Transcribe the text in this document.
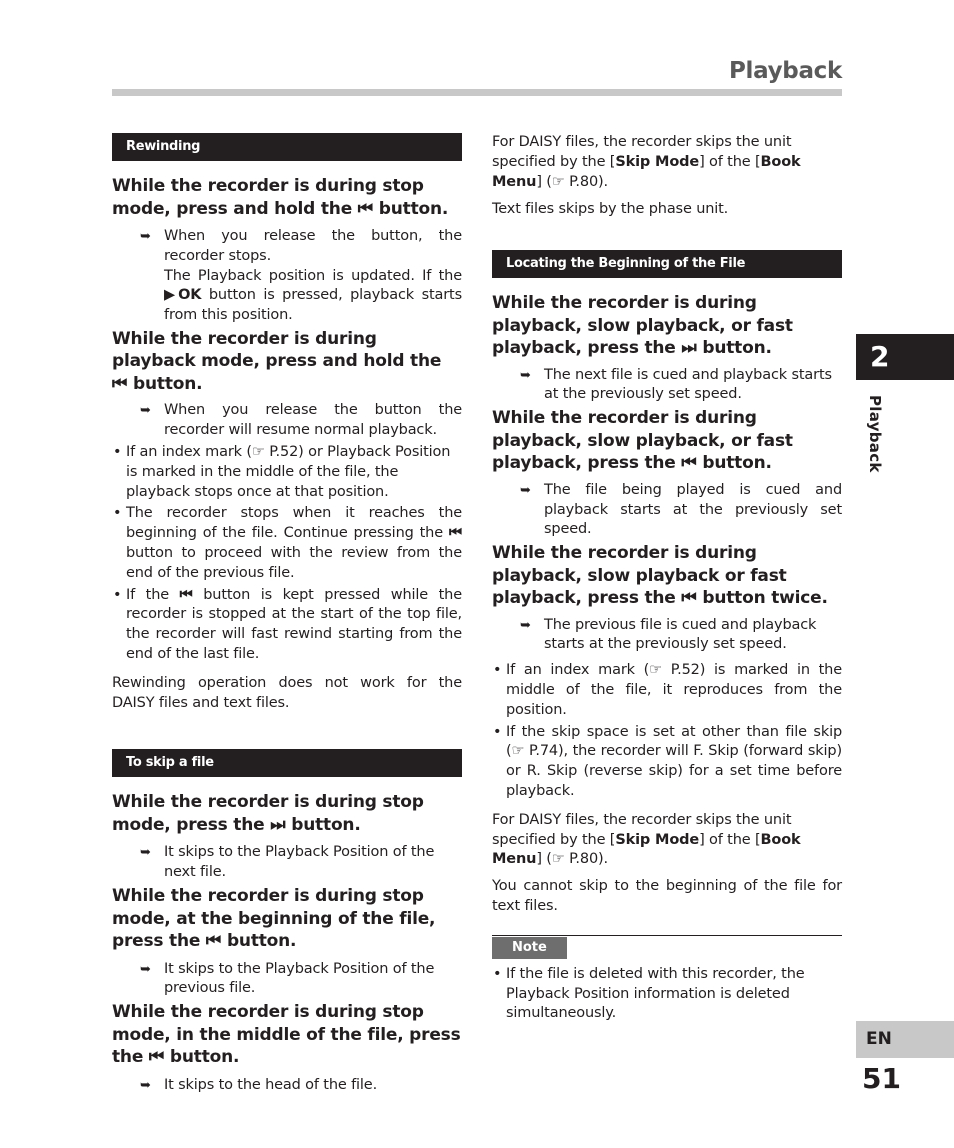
Playback
Rewinding

While the recorder is during stop mode, press and hold the ⏮ button.

➥ When you release the button, the recorder stops.
The Playback position is updated. If the ▶OK button is pressed, playback starts from this position.

While the recorder is during playback mode, press and hold the ⏮ button.

➥ When you release the button the recorder will resume normal playback.
• If an index mark (☞ P.52) or Playback Position is marked in the middle of the file, the playback stops once at that position.
• The recorder stops when it reaches the beginning of the file. Continue pressing the ⏮ button to proceed with the review from the end of the previous file.
• If the ⏮ button is kept pressed while the recorder is stopped at the start of the top file, the recorder will fast rewind starting from the end of the last file.

Rewinding operation does not work for the DAISY files and text files.

To skip a file

While the recorder is during stop mode, press the ⏭ button.

➥ It skips to the Playback Position of the next file.

While the recorder is during stop mode, at the beginning of the file, press the ⏮ button.

➥ It skips to the Playback Position of the previous file.

While the recorder is during stop mode, in the middle of the file, press the ⏮ button.

➥ It skips to the head of the file.

For DAISY files, the recorder skips the unit specified by the [Skip Mode] of the [Book Menu] (☞ P.80).

Text files skips by the phase unit.

Locating the Beginning of the File

While the recorder is during playback, slow playback, or fast playback, press the ⏭ button.

➥ The next file is cued and playback starts at the previously set speed.

While the recorder is during playback, slow playback, or fast playback, press the ⏮ button.

➥ The file being played is cued and playback starts at the previously set speed.

While the recorder is during playback, slow playback or fast playback, press the ⏮ button twice.

➥ The previous file is cued and playback starts at the previously set speed.
• If an index mark (☞ P.52) is marked in the middle of the file, it reproduces from the position.
• If the skip space is set at other than file skip (☞ P.74), the recorder will F. Skip (forward skip) or R. Skip (reverse skip) for a set time before playback.

For DAISY files, the recorder skips the unit specified by the [Skip Mode] of the [Book Menu] (☞ P.80).

You cannot skip to the beginning of the file for text files.

Note
• If the file is deleted with this recorder, the Playback Position information is deleted simultaneously.
2
Playback
EN
51
